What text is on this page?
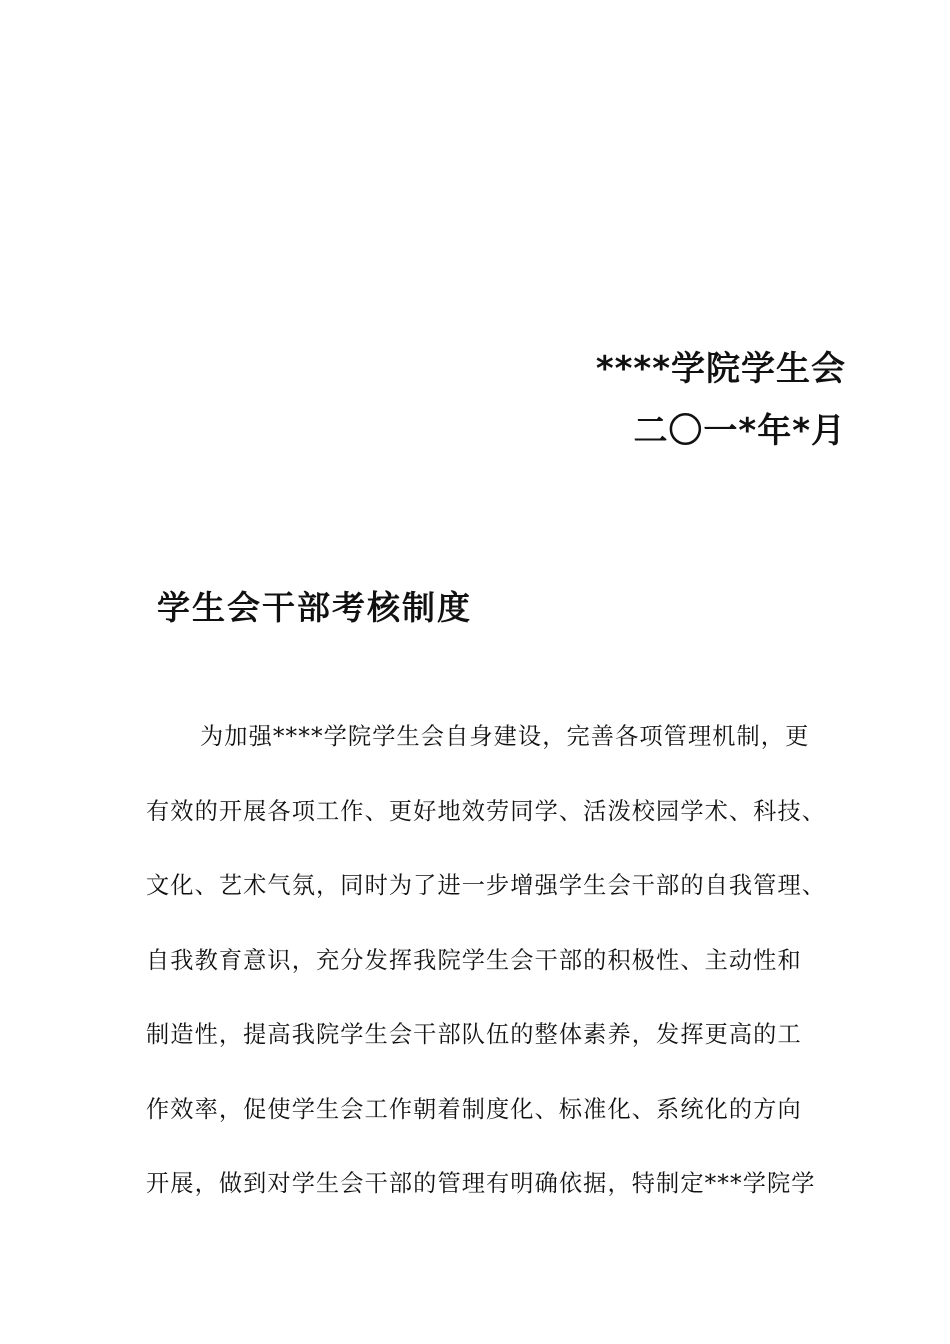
****学院学生会
二〇一*年*月
学生会干部考核制度
为加强****学院学生会自身建设，完善各项管理机制，更
有效的开展各项工作、更好地效劳同学、活泼校园学术、科技、
文化、艺术气氛，同时为了进一步增强学生会干部的自我管理、
自我教育意识，充分发挥我院学生会干部的积极性、主动性和
制造性，提高我院学生会干部队伍的整体素养，发挥更高的工
作效率，促使学生会工作朝着制度化、标准化、系统化的方向
开展，做到对学生会干部的管理有明确依据，特制定***学院学
